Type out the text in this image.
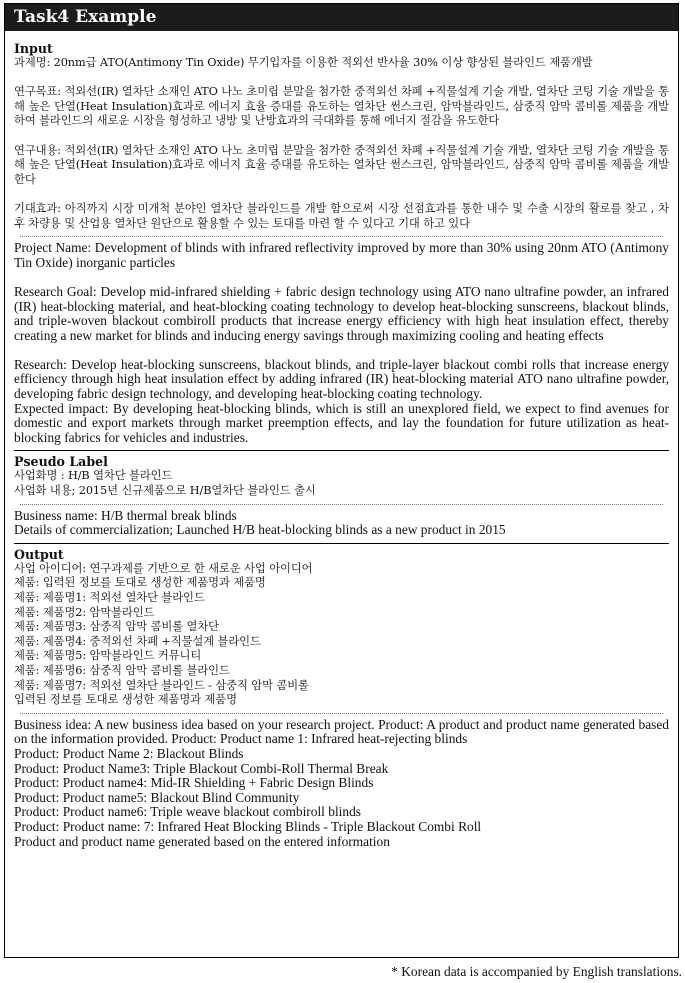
Task4 Example
Input

과제명: 20nm급 ATO(Antimony Tin Oxide) 무기입자를 이용한 적외선 반사율 30% 이상 향상된 블라인드 제품개발

연구목표: 적외선(IR) 열차단 소재인 ATO 나노 초미립 분말을 첨가한 중적외선 차폐 +직물설계 기술 개발, 열차단 코팅 기술 개발을 통해 높은 단열(Heat Insulation)효과로 에너지 효율 증대를 유도하는 열차단 썬스크린, 암막블라인드, 삼중직 암막 콤비롤 제품을 개발하여 블라인드의 새로운 시장을 형성하고 냉방 및 난방효과의 극대화를 통해 에너지 절감을 유도한다

연구내용: 적외선(IR) 열차단 소재인 ATO 나노 초미립 분말을 첨가한 중적외선 차폐 +직물설계 기술 개발, 열차단 코팅 기술 개발을 통해 높은 단열(Heat Insulation)효과로 에너지 효율 증대를 유도하는 열차단 썬스크린, 암막블라인드, 삼중직 암막 콤비롤 제품을 개발한다

기대효과: 아직까지 시장 미개척 분야인 열차단 블라인드를 개발 함으로써 시장 선점효과를 통한 내수 및 수출 시장의 활로를 찾고 , 차후 차량용 및 산업용 열차단 원단으로 활용할 수 있는 토대를 마련 할 수 있다고 기대 하고 있다

Project Name: Development of blinds with infrared reflectivity improved by more than 30% using 20nm ATO (Antimony Tin Oxide) inorganic particles

Research Goal: Develop mid-infrared shielding + fabric design technology using ATO nano ultrafine powder, an infrared (IR) heat-blocking material, and heat-blocking coating technology to develop heat-blocking sunscreens, blackout blinds, and triple-woven blackout combiroll products that increase energy efficiency with high heat insulation effect, thereby creating a new market for blinds and inducing energy savings through maximizing cooling and heating effects

Research: Develop heat-blocking sunscreens, blackout blinds, and triple-layer blackout combi rolls that increase energy efficiency through high heat insulation effect by adding infrared (IR) heat-blocking material ATO nano ultrafine powder, developing fabric design technology, and developing heat-blocking coating technology.

Expected impact: By developing heat-blocking blinds, which is still an unexplored field, we expect to find avenues for domestic and export markets through market preemption effects, and lay the foundation for future utilization as heat-blocking fabrics for vehicles and industries.

Pseudo Label

사업화명 : H/B 열차단 블라인드

사업화 내용; 2015년 신규제품으로 H/B열차단 블라인드 출시

Business name: H/B thermal break blinds

Details of commercialization; Launched H/B heat-blocking blinds as a new product in 2015

Output

사업 아이디어: 연구과제를 기반으로 한 새로운 사업 아이디어

제품: 입력된 정보를 토대로 생성한 제품명과 제품명

제품: 제품명1: 적외선 열차단 블라인드

제품: 제품명2: 암막블라인드

제품: 제품명3: 삼중직 암막 콤비롤 열차단

제품: 제품명4: 중적외선 차폐 +직물설계 블라인드

제품: 제품명5: 암막블라인드 커뮤니티

제품: 제품명6: 삼중직 암막 콤비롤 블라인드

제품: 제품명7: 적외선 열차단 블라인드 - 삼중직 암막 콤비롤

입력된 정보를 토대로 생성한 제품명과 제품명

Business idea: A new business idea based on your research project. Product: A product and product name generated based on the information provided. Product: Product name 1: Infrared heat-rejecting blinds

Product: Product Name 2: Blackout Blinds

Product: Product Name3: Triple Blackout Combi-Roll Thermal Break

Product: Product name4: Mid-IR Shielding + Fabric Design Blinds

Product: Product name5: Blackout Blind Community

Product: Product name6: Triple weave blackout combiroll blinds

Product: Product name: 7: Infrared Heat Blocking Blinds - Triple Blackout Combi Roll

Product and product name generated based on the entered information

* Korean data is accompanied by English translations.
